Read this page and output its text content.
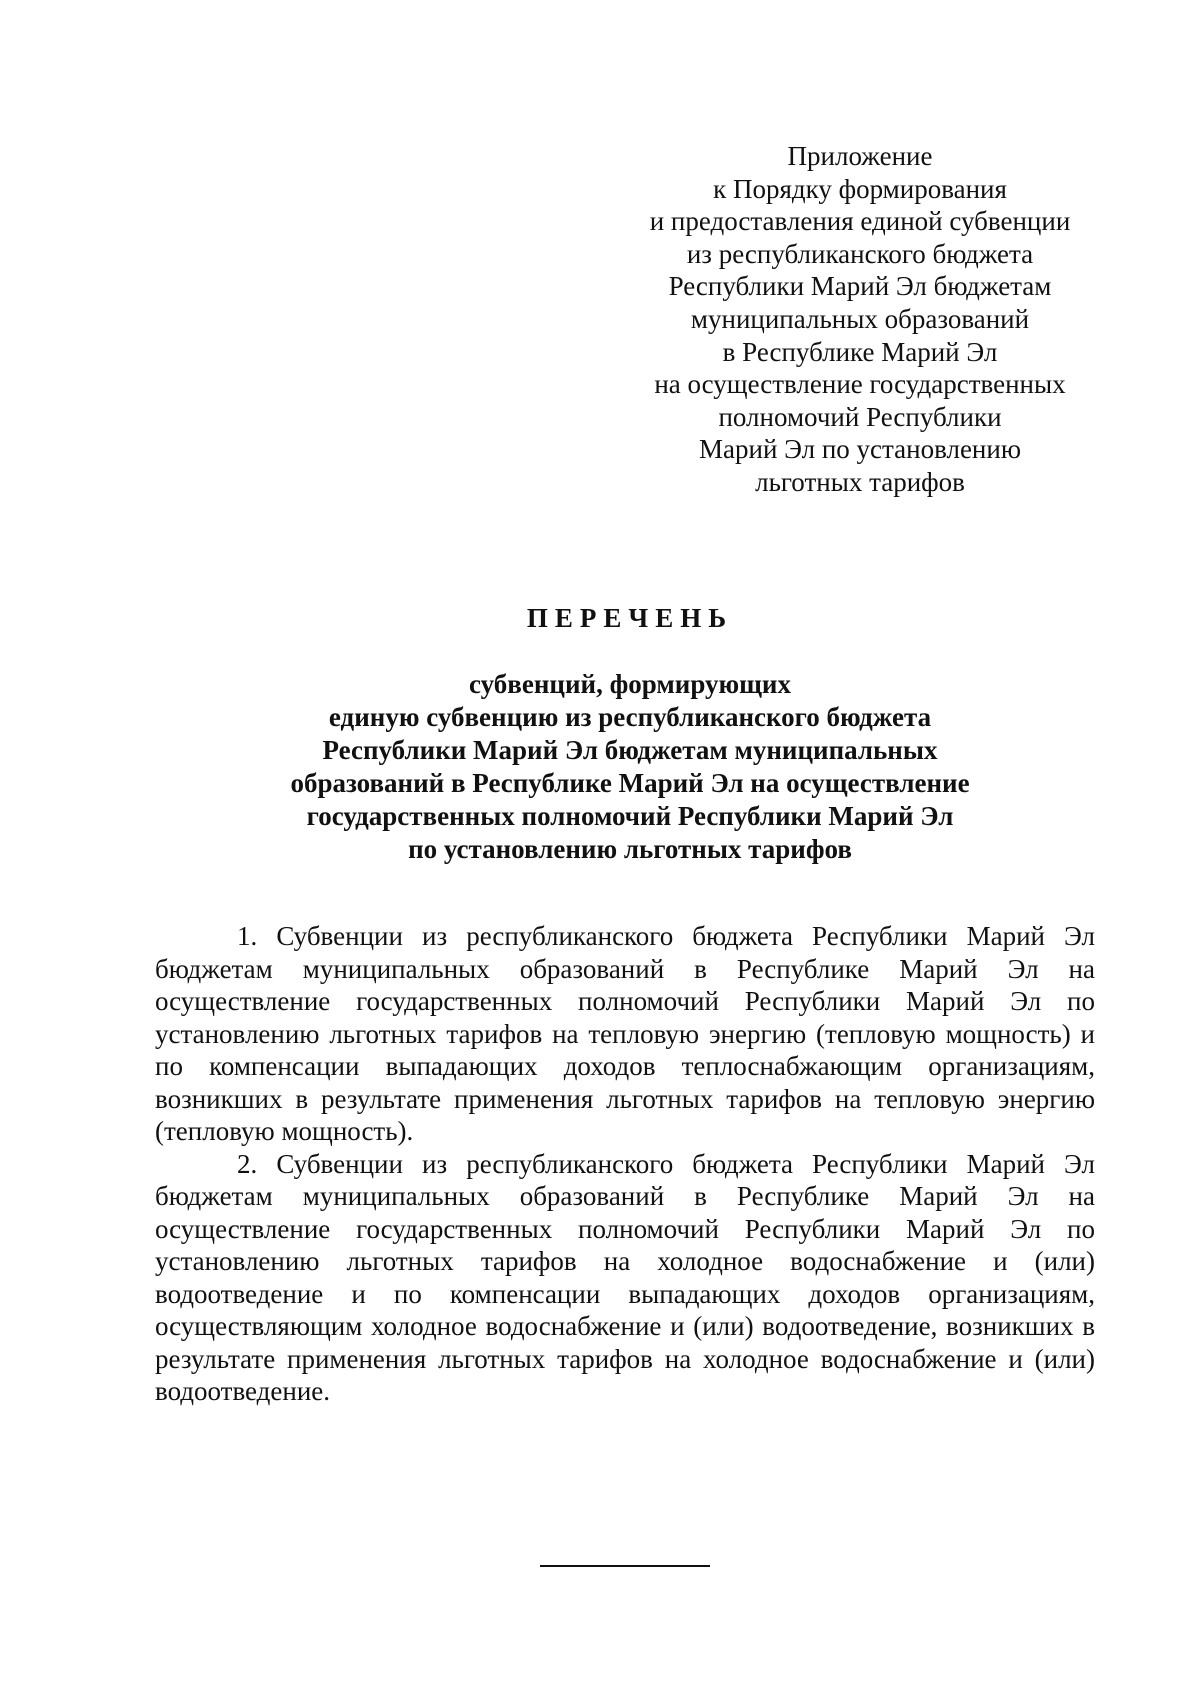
Приложение
к Порядку формирования
и предоставления единой субвенции
из республиканского бюджета
Республики Марий Эл бюджетам
муниципальных образований
в Республике Марий Эл
на осуществление государственных
полномочий Республики
Марий Эл по установлению
льготных тарифов
ПЕРЕЧЕНЬ
субвенций, формирующих
единую субвенцию из республиканского бюджета
Республики Марий Эл бюджетам муниципальных
образований в Республике Марий Эл на осуществление
государственных полномочий Республики Марий Эл
по установлению льготных тарифов

1. Субвенции из республиканского бюджета Республики Марий Эл бюджетам муниципальных образований в Республике Марий Эл на осуществление государственных полномочий Республики Марий Эл по установлению льготных тарифов на тепловую энергию (тепловую мощность) и по компенсации выпадающих доходов теплоснабжающим организациям, возникших в результате применения льготных тарифов на тепловую энергию (тепловую мощность).

2. Субвенции из республиканского бюджета Республики Марий Эл бюджетам муниципальных образований в Республике Марий Эл на осуществление государственных полномочий Республики Марий Эл по установлению льготных тарифов на холодное водоснабжение и (или) водоотведение и по компенсации выпадающих доходов организациям, осуществляющим холодное водоснабжение и (или) водоотведение, возникших в результате применения льготных тарифов на холодное водоснабжение и (или) водоотведение.
